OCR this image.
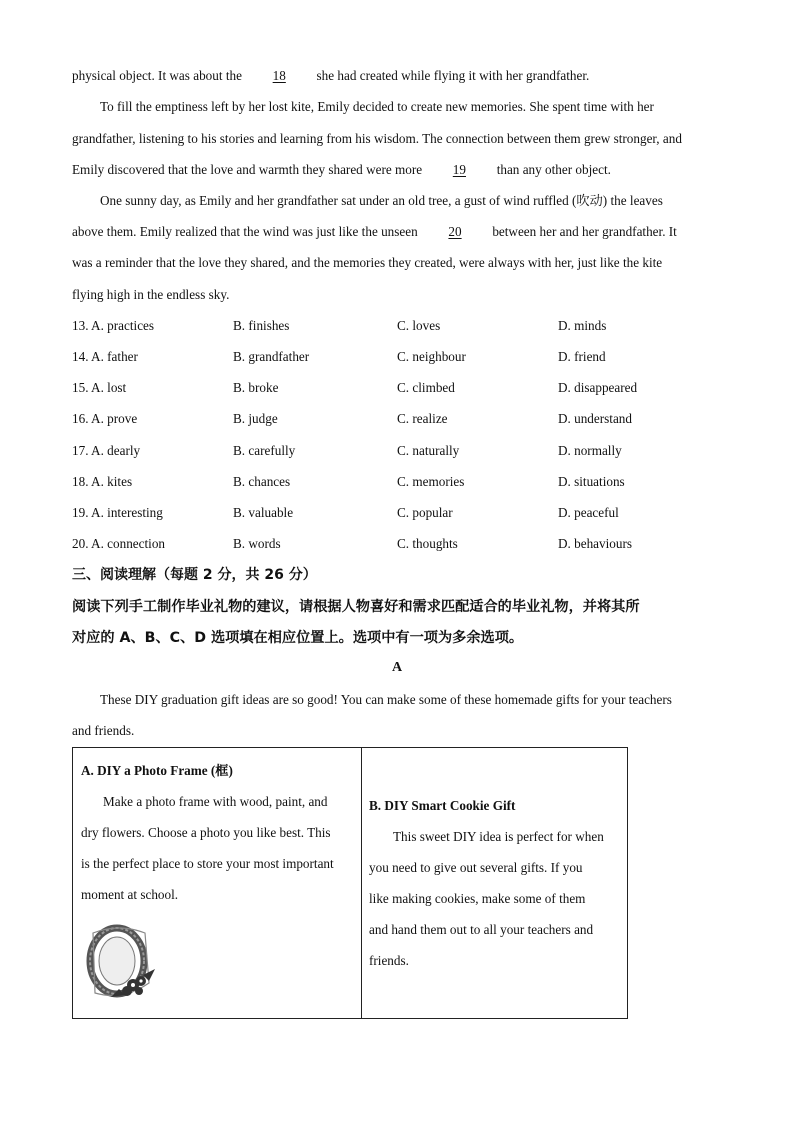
physical object. It was about the 18 she had created while flying it with her grandfather.
To fill the emptiness left by her lost kite, Emily decided to create new memories. She spent time with her
grandfather, listening to his stories and learning from his wisdom. The connection between them grew stronger, and
Emily discovered that the love and warmth they shared were more 19 than any other object.
One sunny day, as Emily and her grandfather sat under an old tree, a gust of wind ruffled (吹动) the leaves
above them. Emily realized that the wind was just like the unseen 20 between her and her grandfather. It
was a reminder that the love they shared, and the memories they created, were always with her, just like the kite
flying high in the endless sky.
13. A. practices	B. finishes	C. loves	D. minds
14. A. father	B. grandfather	C. neighbour	D. friend
15. A. lost	B. broke	C. climbed	D. disappeared
16. A. prove	B. judge	C. realize	D. understand
17. A. dearly	B. carefully	C. naturally	D. normally
18. A. kites	B. chances	C. memories	D. situations
19. A. interesting	B. valuable	C. popular	D. peaceful
20. A. connection	B. words	C. thoughts	D. behaviours
三、阅读理解（每题 2 分，共 26 分）
阅读下列手工制作毕业礼物的建议，请根据人物喜好和需求匹配适合的毕业礼物，并将其所
对应的 A、B、C、D 选项填在相应位置上。选项中有一项为多余选项。
A
These DIY graduation gift ideas are so good! You can make some of these homemade gifts for your teachers
and friends.
A. DIY a Photo Frame (框)
Make a photo frame with wood, paint, and
dry flowers. Choose a photo you like best. This
is the perfect place to store your most important
moment at school.
B. DIY Smart Cookie Gift
This sweet DIY idea is perfect for when
you need to give out several gifts. If you
like making cookies, make some of them
and hand them out to all your teachers and
friends.
